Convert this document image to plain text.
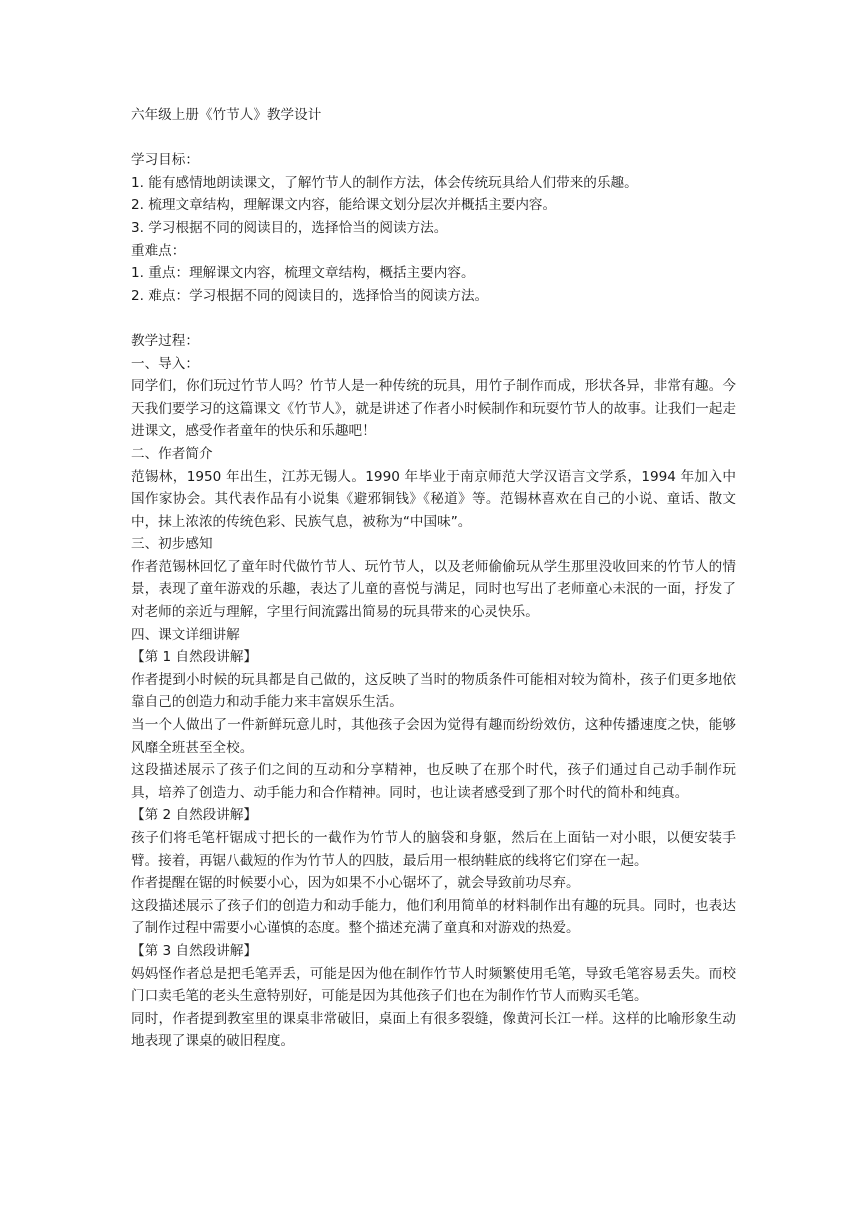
六年级上册《竹节人》教学设计
学习目标：
1. 能有感情地朗读课文，了解竹节人的制作方法，体会传统玩具给人们带来的乐趣。
2. 梳理文章结构，理解课文内容，能给课文划分层次并概括主要内容。
3. 学习根据不同的阅读目的，选择恰当的阅读方法。
重难点：
1. 重点：理解课文内容，梳理文章结构，概括主要内容。
2. 难点：学习根据不同的阅读目的，选择恰当的阅读方法。
教学过程：
一、导入：

同学们，你们玩过竹节人吗？竹节人是一种传统的玩具，用竹子制作而成，形状各异，非常有趣。今天我们要学习的这篇课文《竹节人》，就是讲述了作者小时候制作和玩耍竹节人的故事。让我们一起走进课文，感受作者童年的快乐和乐趣吧！

二、作者简介

范锡林，1950 年出生，江苏无锡人。1990 年毕业于南京师范大学汉语言文学系，1994 年加入中国作家协会。其代表作品有小说集《避邪铜钱》《秘道》等。范锡林喜欢在自己的小说、童话、散文中，抹上浓浓的传统色彩、民族气息，被称为“中国味”。

三、初步感知

作者范锡林回忆了童年时代做竹节人、玩竹节人，以及老师偷偷玩从学生那里没收回来的竹节人的情景，表现了童年游戏的乐趣，表达了儿童的喜悦与满足，同时也写出了老师童心未泯的一面，抒发了对老师的亲近与理解，字里行间流露出简易的玩具带来的心灵快乐。

四、课文详细讲解
【第 1 自然段讲解】

作者提到小时候的玩具都是自己做的，这反映了当时的物质条件可能相对较为简朴，孩子们更多地依靠自己的创造力和动手能力来丰富娱乐生活。

当一个人做出了一件新鲜玩意儿时，其他孩子会因为觉得有趣而纷纷效仿，这种传播速度之快，能够风靡全班甚至全校。

这段描述展示了孩子们之间的互动和分享精神，也反映了在那个时代，孩子们通过自己动手制作玩具，培养了创造力、动手能力和合作精神。同时，也让读者感受到了那个时代的简朴和纯真。

【第 2 自然段讲解】

孩子们将毛笔杆锯成寸把长的一截作为竹节人的脑袋和身躯，然后在上面钻一对小眼，以便安装手臂。接着，再锯八截短的作为竹节人的四肢，最后用一根纳鞋底的线将它们穿在一起。

作者提醒在锯的时候要小心，因为如果不小心锯坏了，就会导致前功尽弃。

这段描述展示了孩子们的创造力和动手能力，他们利用简单的材料制作出有趣的玩具。同时，也表达了制作过程中需要小心谨慎的态度。整个描述充满了童真和对游戏的热爱。

【第 3 自然段讲解】

妈妈怪作者总是把毛笔弄丢，可能是因为他在制作竹节人时频繁使用毛笔，导致毛笔容易丢失。而校门口卖毛笔的老头生意特别好，可能是因为其他孩子们也在为制作竹节人而购买毛笔。

同时，作者提到教室里的课桌非常破旧，桌面上有很多裂缝，像黄河长江一样。这样的比喻形象生动地表现了课桌的破旧程度。
